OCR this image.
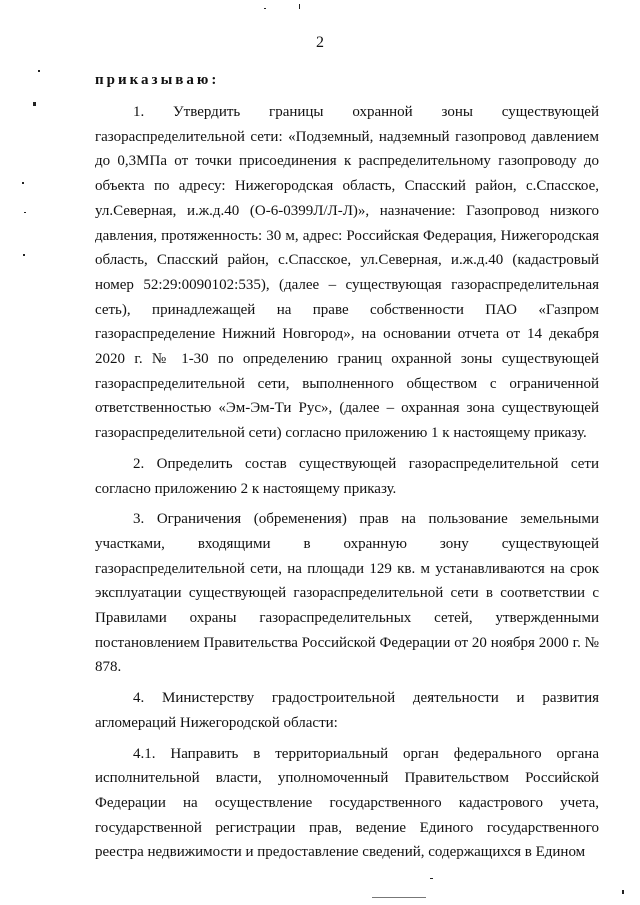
2
приказываю:

1. Утвердить границы охранной зоны существующей газораспределительной сети: «Подземный, надземный газопровод давлением до 0,3МПа от точки присоединения к распределительному газопроводу до объекта по адресу: Нижегородская область, Спасский район, с.Спасское, ул.Северная, и.ж.д.40 (О-6-0399Л/Л-Л)», назначение: Газопровод низкого давления, протяженность: 30 м, адрес: Российская Федерация, Нижегородская область, Спасский район, с.Спасское, ул.Северная, и.ж.д.40 (кадастровый номер 52:29:0090102:535), (далее – существующая газораспределительная сеть), принадлежащей на праве собственности ПАО «Газпром газораспределение Нижний Новгород», на основании отчета от 14 декабря 2020 г. № 1-30 по определению границ охранной зоны существующей газораспределительной сети, выполненного обществом с ограниченной ответственностью «Эм-Эм-Ти Рус», (далее – охранная зона существующей газораспределительной сети) согласно приложению 1 к настоящему приказу.

2. Определить состав существующей газораспределительной сети согласно приложению 2 к настоящему приказу.

3. Ограничения (обременения) прав на пользование земельными участками, входящими в охранную зону существующей газораспределительной сети, на площади 129 кв. м устанавливаются на срок эксплуатации существующей газораспределительной сети в соответствии с Правилами охраны газораспределительных сетей, утвержденными постановлением Правительства Российской Федерации от 20 ноября 2000 г. № 878.

4. Министерству градостроительной деятельности и развития агломераций Нижегородской области:

4.1. Направить в территориальный орган федерального органа исполнительной власти, уполномоченный Правительством Российской Федерации на осуществление государственного кадастрового учета, государственной регистрации прав, ведение Единого государственного реестра недвижимости и предоставление сведений, содержащихся в Едином
